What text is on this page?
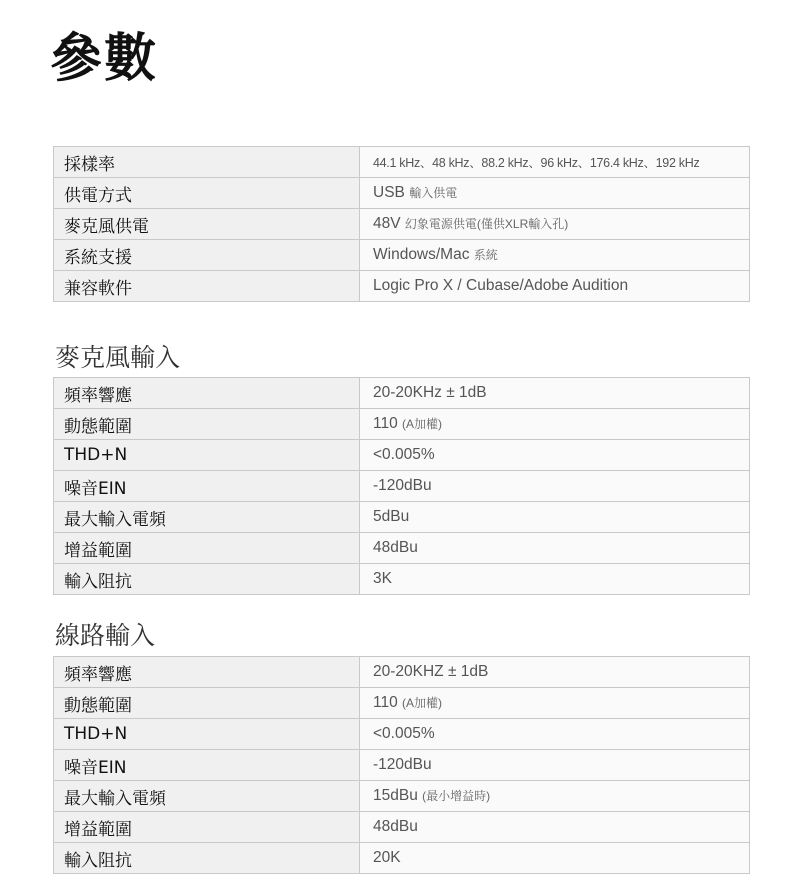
參數
採樣率	44.1 kHz、48 kHz、88.2 kHz、96 kHz、176.4 kHz、192 kHz
供電方式	USB 輸入供電
麥克風供電	48V 幻象電源供電(僅供XLR輸入孔)
系統支援	Windows/Mac 系統
兼容軟件	Logic Pro X / Cubase/Adobe Audition
麥克風輸入
頻率響應	20-20KHz ± 1dB
動態範圍	110 (A加權)
THD+N	<0.005%
噪音EIN	-120dBu
最大輸入電頻	5dBu
增益範圍	48dBu
輸入阻抗	3K
線路輸入
頻率響應	20-20KHZ ± 1dB
動態範圍	110 (A加權)
THD+N	<0.005%
噪音EIN	-120dBu
最大輸入電頻	15dBu (最小增益時)
增益範圍	48dBu
輸入阻抗	20K
